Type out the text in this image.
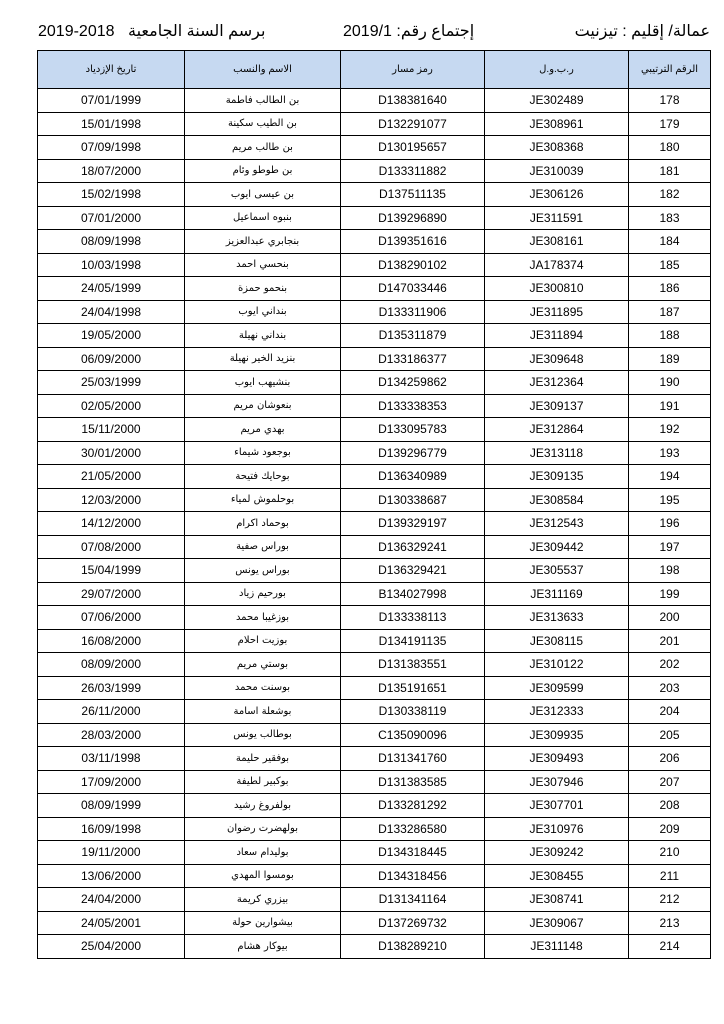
2019-2018 برسم السنة الجامعية	إجتماع رقم: 2019/1	عمالة/ إقليم : تيزنيت
تاريخ الإزدياد	الاسم والنسب	رمز مسار	ر.ب.و.ل	الرقم الترتيبي
07/01/1999	بن الطالب فاطمة	D138381640	JE302489	178
15/01/1998	بن الطيب سكينة	D132291077	JE308961	179
07/09/1998	بن طالب مريم	D130195657	JE308368	180
18/07/2000	بن طوطو وئام	D133311882	JE310039	181
15/02/1998	بن عيسى ايوب	D137511135	JE306126	182
07/01/2000	بنبوه اسماعيل	D139296890	JE311591	183
08/09/1998	بنجابري عبدالعزيز	D139351616	JE308161	184
10/03/1998	بنحسي احمد	D138290102	JA178374	185
24/05/1999	بنحمو حمزة	D147033446	JE300810	186
24/04/1998	بنداني ايوب	D133311906	JE311895	187
19/05/2000	بنداني نهيلة	D135311879	JE311894	188
06/09/2000	بنزيد الخير نهيلة	D133186377	JE309648	189
25/03/1999	بنشيهب ايوب	D134259862	JE312364	190
02/05/2000	بنعوشان مريم	D133338353	JE309137	191
15/11/2000	بهدي مريم	D133095783	JE312864	192
30/01/2000	بوجعود شيماء	D139296779	JE313118	193
21/05/2000	بوحايك فتيحة	D136340989	JE309135	194
12/03/2000	بوحلموش لمياء	D130338687	JE308584	195
14/12/2000	بوحماد اكرام	D139329197	JE312543	196
07/08/2000	بوراس صفية	D136329241	JE309442	197
15/04/1999	بوراس يونس	D136329421	JE305537	198
29/07/2000	بورحيم زياد	B134027998	JE311169	199
07/06/2000	بوزغيبا محمد	D133338113	JE313633	200
16/08/2000	بوزيت احلام	D134191135	JE308115	201
08/09/2000	بوستي مريم	D131383551	JE310122	202
26/03/1999	بوسنت محمد	D135191651	JE309599	203
26/11/2000	بوشعلة اسامة	D130338119	JE312333	204
28/03/2000	بوطالب يونس	C135090096	JE309935	205
03/11/1998	بوفقير حليمة	D131341760	JE309493	206
17/09/2000	بوكبير لطيفة	D131383585	JE307946	207
08/09/1999	بولفروغ رشيد	D133281292	JE307701	208
16/09/1998	بولهضرت رضوان	D133286580	JE310976	209
19/11/2000	بوليدام سعاد	D134318445	JE309242	210
13/06/2000	بومسوا المهدي	D134318456	JE308455	211
24/04/2000	بيزري كريمة	D131341164	JE308741	212
24/05/2001	بيشوارين حولة	D137269732	JE309067	213
25/04/2000	بيوكار هشام	D138289210	JE311148	214
